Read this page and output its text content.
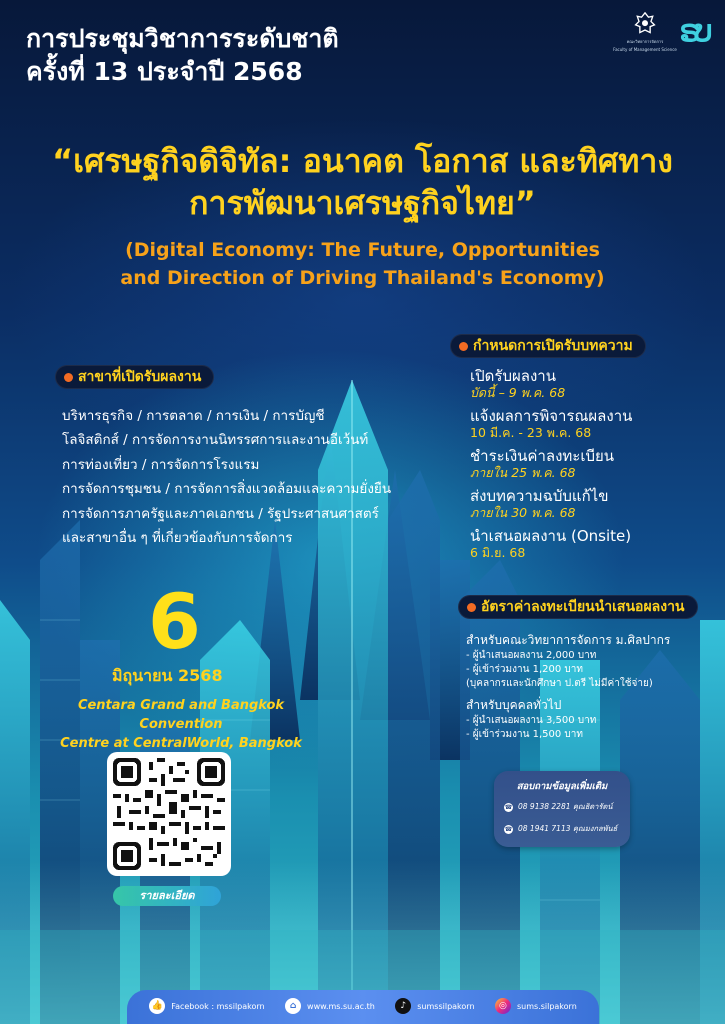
การประชุมวิชาการระดับชาติ
ครั้งที่ 13 ประจำปี 2568
คณะวิทยาการจัดการ
Faculty of Management Science
ຣບ
“เศรษฐกิจดิจิทัล: อนาคต โอกาส และทิศทาง
การพัฒนาเศรษฐกิจไทย”
(Digital Economy: The Future, Opportunities
and Direction of Driving Thailand's Economy)
สาขาที่เปิดรับผลงาน
บริหารธุรกิจ / การตลาด / การเงิน / การบัญชี
โลจิสติกส์ / การจัดการงานนิทรรศการและงานอีเว้นท์
การท่องเที่ยว / การจัดการโรงแรม
การจัดการชุมชน / การจัดการสิ่งแวดล้อมและความยั่งยืน
การจัดการภาครัฐและภาคเอกชน / รัฐประศาสนศาสตร์
และสาขาอื่น ๆ ที่เกี่ยวข้องกับการจัดการ
6
มิถุนายน 2568
Centara Grand and Bangkok Convention
Centre at CentralWorld, Bangkok
รายละเอียด
กำหนดการเปิดรับบทความ
เปิดรับผลงาน
บัดนี้ – 9 พ.ค. 68
แจ้งผลการพิจารณผลงาน
10 มี.ค. - 23 พ.ค. 68
ชำระเงินค่าลงทะเบียน
ภายใน 25 พ.ค. 68
ส่งบทความฉบับแก้ไข
ภายใน 30 พ.ค. 68
นำเสนอผลงาน (Onsite)
6 มิ.ย. 68
อัตราค่าลงทะเบียนนำเสนอผลงาน
สำหรับคณะวิทยาการจัดการ ม.ศิลปากร
- ผู้นำเสนอผลงาน 2,000 บาท
- ผู้เข้าร่วมงาน 1,200 บาท
(บุคลากรและนักศึกษา ป.ตรี ไม่มีค่าใช้จ่าย)
สำหรับบุคคลทั่วไป
- ผู้นำเสนอผลงาน 3,500 บาท
- ผู้เข้าร่วมงาน 1,500 บาท
สอบถามข้อมูลเพิ่มเติม
☎ 08 9138 2281 คุณธิดารัตน์
☎ 08 1941 7113 คุณมงกลพันธ์
👍 Facebook : mssilpakorn	⌂	www.ms.su.ac.th	♪	sumssilpakorn	◎	sums.silpakorn
